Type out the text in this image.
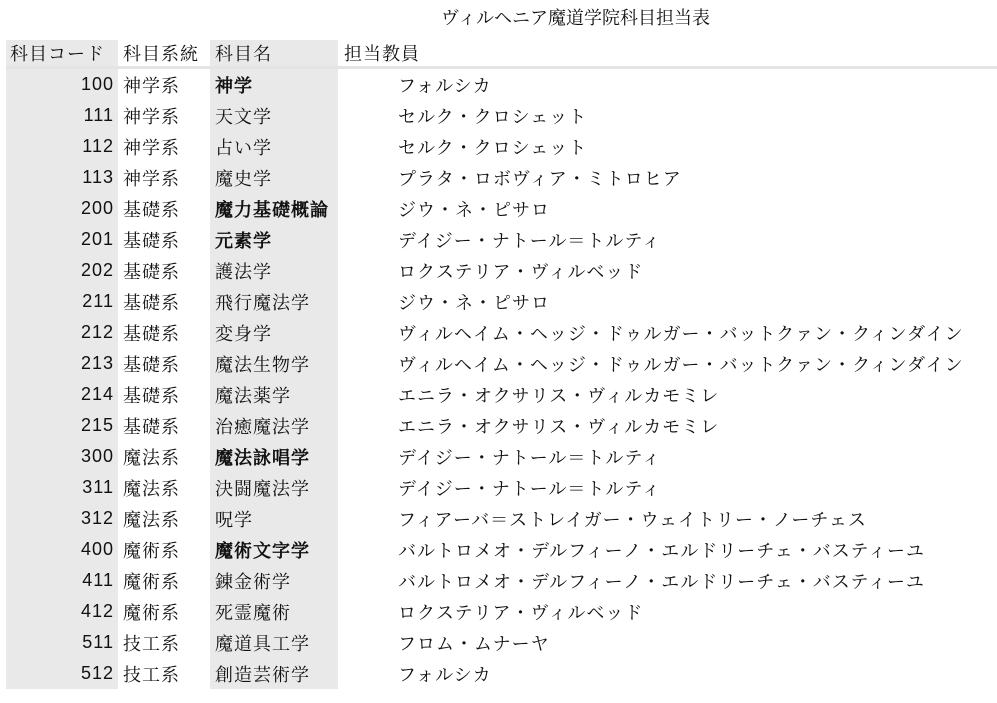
ヴィルヘニア魔道学院科目担当表
科目コード	科目系統	科目名	担当教員
100	神学系	神学	フォルシカ
111	神学系	天文学	セルク・クロシェット
112	神学系	占い学	セルク・クロシェット
113	神学系	魔史学	プラタ・ロボヴィア・ミトロヒア
200	基礎系	魔力基礎概論	ジウ・ネ・ピサロ
201	基礎系	元素学	デイジー・ナトール＝トルティ
202	基礎系	護法学	ロクステリア・ヴィルベッド
211	基礎系	飛行魔法学	ジウ・ネ・ピサロ
212	基礎系	変身学	ヴィルヘイム・ヘッジ・ドゥルガー・バットクァン・クィンダイン
213	基礎系	魔法生物学	ヴィルヘイム・ヘッジ・ドゥルガー・バットクァン・クィンダイン
214	基礎系	魔法薬学	エニラ・オクサリス・ヴィルカモミレ
215	基礎系	治癒魔法学	エニラ・オクサリス・ヴィルカモミレ
300	魔法系	魔法詠唱学	デイジー・ナトール＝トルティ
311	魔法系	決闘魔法学	デイジー・ナトール＝トルティ
312	魔法系	呪学	フィアーバ＝ストレイガー・ウェイトリー・ノーチェス
400	魔術系	魔術文字学	バルトロメオ・デルフィーノ・エルドリーチェ・バスティーユ
411	魔術系	錬金術学	バルトロメオ・デルフィーノ・エルドリーチェ・バスティーユ
412	魔術系	死霊魔術	ロクステリア・ヴィルベッド
511	技工系	魔道具工学	フロム・ムナーヤ
512	技工系	創造芸術学	フォルシカ
